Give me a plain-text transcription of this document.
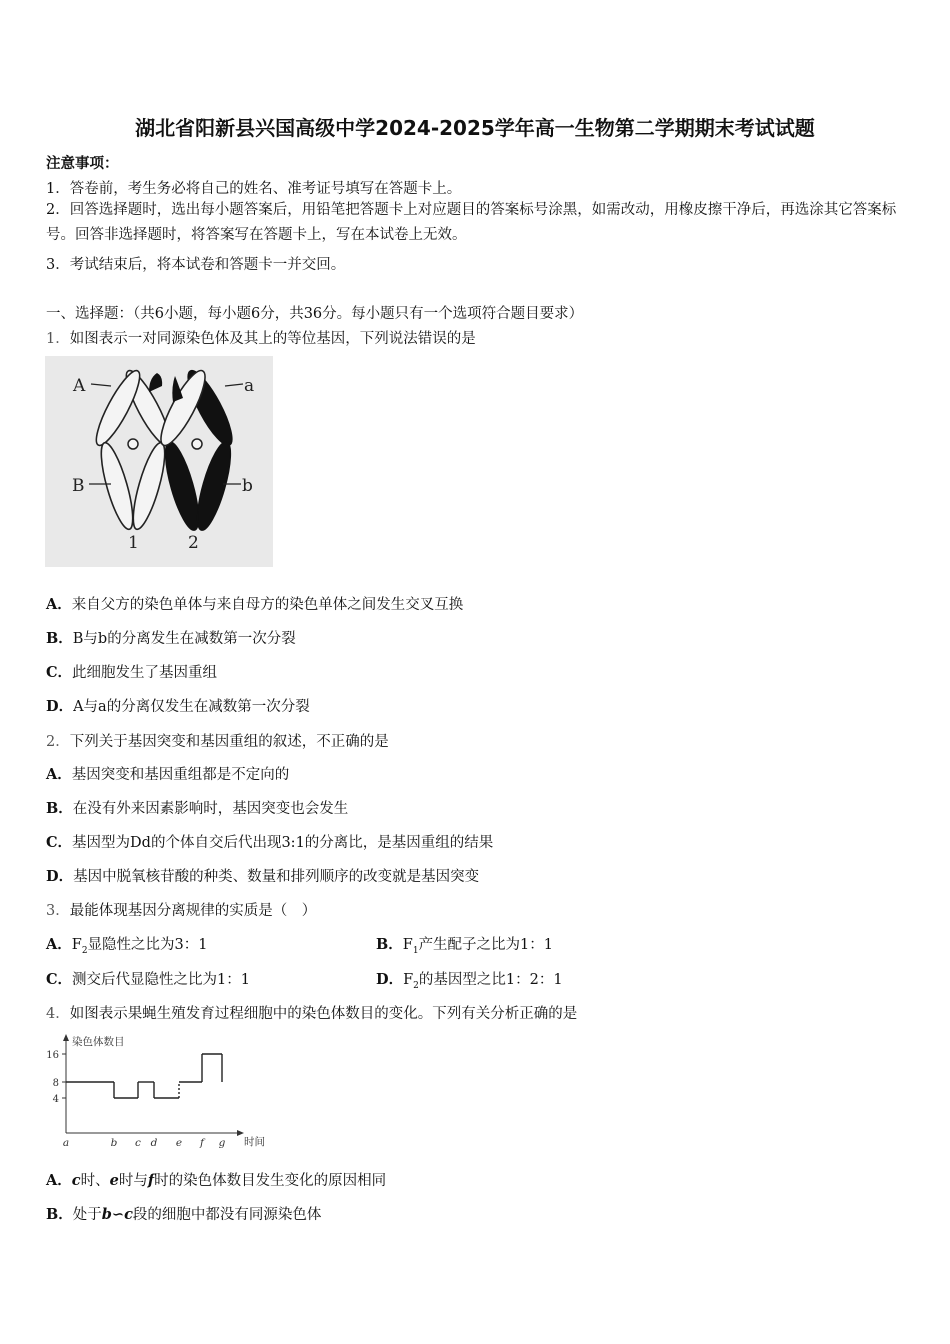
湖北省阳新县兴国高级中学2024-2025学年高一生物第二学期期末考试试题
注意事项：
1．答卷前，考生务必将自己的姓名、准考证号填写在答题卡上。
2．回答选择题时，选出每小题答案后，用铅笔把答题卡上对应题目的答案标号涂黑，如需改动，用橡皮擦干净后，再选涂其它答案标号。回答非选择题时，将答案写在答题卡上，写在本试卷上无效。
3．考试结束后，将本试卷和答题卡一并交回。
一、选择题：（共6小题，每小题6分，共36分。每小题只有一个选项符合题目要求）
1．如图表示一对同源染色体及其上的等位基因，下列说法错误的是
A	a
B	b
1	2
A．来自父方的染色单体与来自母方的染色单体之间发生交叉互换
B．B与b的分离发生在减数第一次分裂
C．此细胞发生了基因重组
D．A与a的分离仅发生在减数第一次分裂
2．下列关于基因突变和基因重组的叙述，不正确的是
A．基因突变和基因重组都是不定向的
B．在没有外来因素影响时，基因突变也会发生
C．基因型为Dd的个体自交后代出现3:1的分离比，是基因重组的结果
D．基因中脱氧核苷酸的种类、数量和排列顺序的改变就是基因突变
3．最能体现基因分离规律的实质是（　）
A．$F_2$显隐性之比为3：1	B．$F_1$产生配子之比为1：1
C．测交后代显隐性之比为1：1	D．$F_2$的基因型之比1：2：1
4．如图表示果蝇生殖发育过程细胞中的染色体数目的变化。下列有关分析正确的是
染色体数目
时间
4
8
16
a	b c d e f g
A．c时、e时与f时的染色体数目发生变化的原因相同
B．处于b∽c段的细胞中都没有同源染色体
